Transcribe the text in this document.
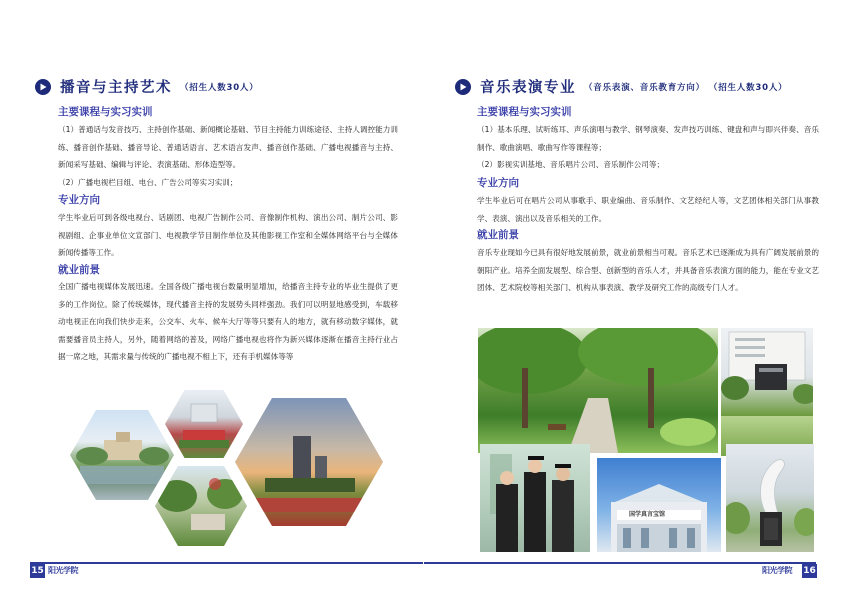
播音与主持艺术 （招生人数30人）
主要课程与实习实训

（1）普通话与发音技巧、主持创作基础、新闻概论基础、节目主持能力训练途径、主持人调控能力训练、播音创作基础、播音导论、普通话语言、艺术语言发声、播音创作基础、广播电视播音与主持、新闻采写基础、编辑与评论、表演基础、形体造型等。

（2）广播电视栏目组、电台、广告公司等实习实训；

专业方向

学生毕业后可到各级电视台、话剧团、电视广告制作公司、音像制作机构、演出公司、制片公司、影视剧组、企事业单位文宣部门、电视教学节目制作单位及其他影视工作室和全媒体网络平台与全媒体新闻传播等工作。

就业前景

全国广播电视媒体发展迅速。全国各级广播电视台数量明显增加，给播音主持专业的毕业生提供了更多的工作岗位。除了传统媒体，现代播音主持的发展势头同样强劲。我们可以明显地感受到，车载移动电视正在向我们快步走来，公交车、火车、候车大厅等等只要有人的地方，就有移动数字媒体，就需要播音员主持人，另外，随着网络的普及，网络广播电视也将作为新兴媒体逐渐在播音主持行业占据一席之地，其需求量与传统的广播电视不相上下，还有手机媒体等等

15 阳光学院
音乐表演专业 （音乐表演、音乐教育方向） （招生人数30人）
主要课程与实习实训

（1）基本乐理、试听练耳、声乐演唱与教学、钢琴演奏、发声技巧训练、键盘和声与即兴伴奏、音乐制作、歌曲演唱、歌曲写作等课程等；

（2）影视实训基地、音乐唱片公司、音乐制作公司等；

专业方向

学生毕业后可在唱片公司从事歌手、职业编曲、音乐制作、文艺经纪人等，文艺团体相关部门从事教学、表演、演出以及音乐相关的工作。

就业前景

音乐专业现如今已具有很好地发展前景，就业前景相当可观。音乐艺术已逐渐成为具有广阔发展前景的朝阳产业。培养全面发展型、综合型、创新型的音乐人才，并具备音乐表演方面的能力，能在专业文艺团体、艺术院校等相关部门、机构从事表演、教学及研究工作的高级专门人才。

国学真言宝馆
阳光学院	16
